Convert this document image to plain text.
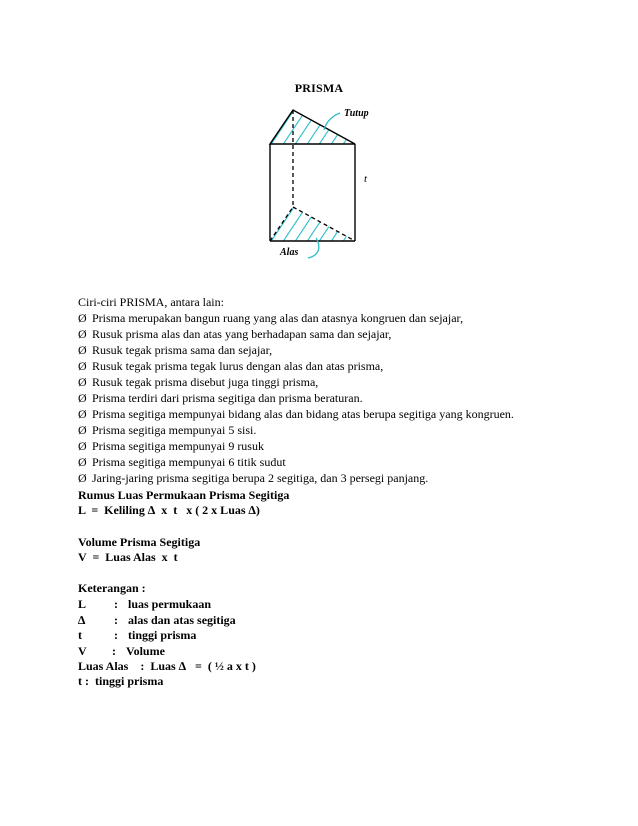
PRISMA
Tutup
t
Alas
Ciri-ciri PRISMA, antara lain:
Ø Prisma merupakan bangun ruang yang alas dan atasnya kongruen dan sejajar,
Ø Rusuk prisma alas dan atas yang berhadapan sama dan sejajar,
Ø Rusuk tegak prisma sama dan sejajar,
Ø Rusuk tegak prisma tegak lurus dengan alas dan atas prisma,
Ø Rusuk tegak prisma disebut juga tinggi prisma,
Ø Prisma terdiri dari prisma segitiga dan prisma beraturan.
Ø Prisma segitiga mempunyai bidang alas dan bidang atas berupa segitiga yang kongruen.
Ø Prisma segitiga mempunyai 5 sisi.
Ø Prisma segitiga mempunyai 9 rusuk
Ø Prisma segitiga mempunyai 6 titik sudut
Ø Jaring-jaring prisma segitiga berupa 2 segitiga, dan 3 persegi panjang.
Rumus Luas Permukaan Prisma Segitiga
L  =  Keliling ∆  x  t   x ( 2 x Luas ∆)
Volume Prisma Segitiga
V  =  Luas Alas  x  t
Keterangan :
L : luas permukaan
∆ : alas dan atas segitiga
t	: tinggi prisma
V : Volume
Luas Alas    :  Luas ∆   =  ( ½ a x t )
t :  tinggi prisma
